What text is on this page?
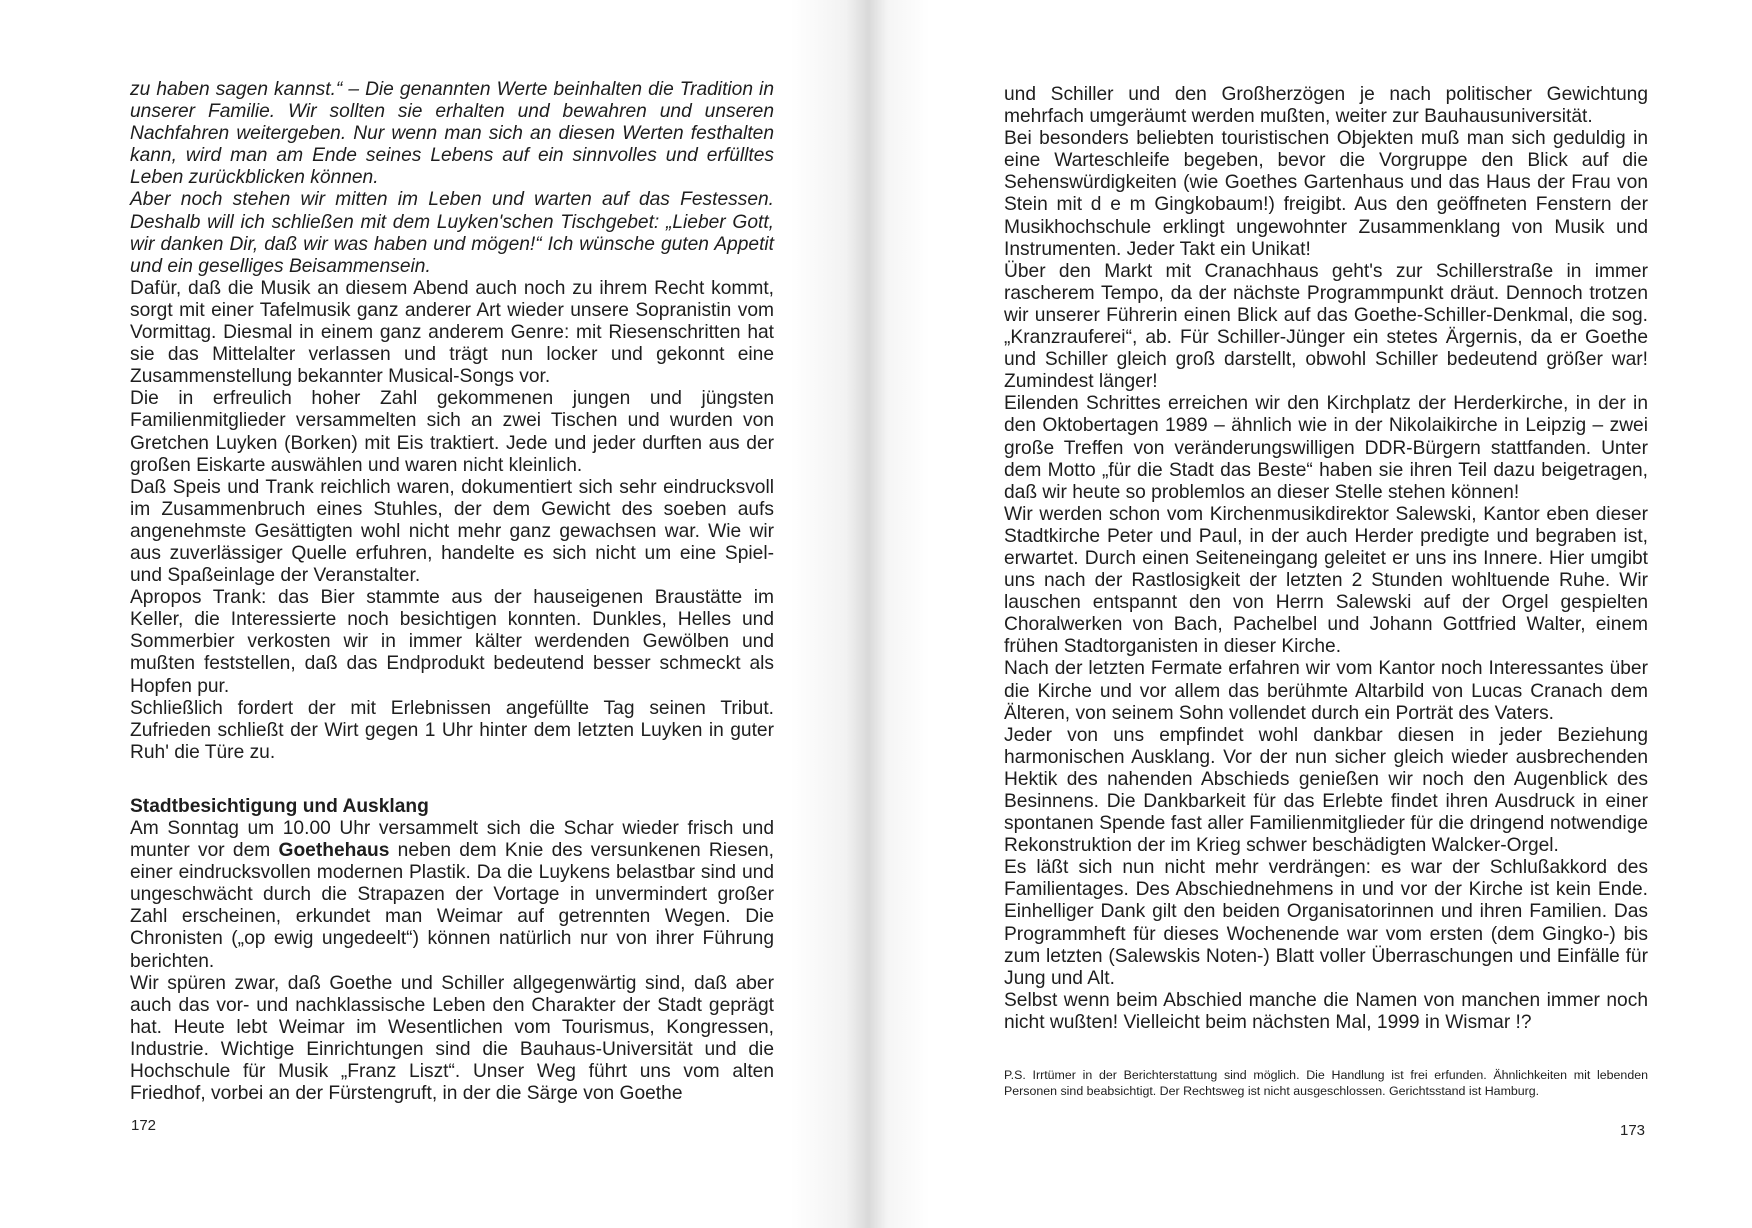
zu haben sagen kannst.“ – Die genannten Werte beinhalten die Tradition in unserer Familie. Wir sollten sie erhalten und bewahren und unseren Nachfahren weitergeben. Nur wenn man sich an diesen Werten festhalten kann, wird man am Ende seines Lebens auf ein sinnvolles und erfülltes Leben zurückblicken können.

Aber noch stehen wir mitten im Leben und warten auf das Festessen. Deshalb will ich schließen mit dem Luyken'schen Tischgebet: „Lieber Gott, wir danken Dir, daß wir was haben und mögen!“ Ich wünsche guten Appetit und ein geselliges Beisammensein.

Dafür, daß die Musik an diesem Abend auch noch zu ihrem Recht kommt, sorgt mit einer Tafelmusik ganz anderer Art wieder unsere Sopranistin vom Vormittag. Diesmal in einem ganz anderem Genre: mit Riesenschritten hat sie das Mittelalter verlassen und trägt nun locker und gekonnt eine Zusammenstellung bekannter Musical-Songs vor.

Die in erfreulich hoher Zahl gekommenen jungen und jüngsten Familienmitglieder versammelten sich an zwei Tischen und wurden von Gretchen Luyken (Borken) mit Eis traktiert. Jede und jeder durften aus der großen Eiskarte auswählen und waren nicht kleinlich.

Daß Speis und Trank reichlich waren, dokumentiert sich sehr eindrucksvoll im Zusammenbruch eines Stuhles, der dem Gewicht des soeben aufs angenehmste Gesättigten wohl nicht mehr ganz gewachsen war. Wie wir aus zuverlässiger Quelle erfuhren, handelte es sich nicht um eine Spiel- und Spaßeinlage der Veranstalter.

Apropos Trank: das Bier stammte aus der hauseigenen Braustätte im Keller, die Interessierte noch besichtigen konnten. Dunkles, Helles und Sommerbier verkosten wir in immer kälter werdenden Gewölben und mußten feststellen, daß das Endprodukt bedeutend besser schmeckt als Hopfen pur.

Schließlich fordert der mit Erlebnissen angefüllte Tag seinen Tribut. Zufrieden schließt der Wirt gegen 1 Uhr hinter dem letzten Luyken in guter Ruh' die Türe zu.

Stadtbesichtigung und Ausklang

Am Sonntag um 10.00 Uhr versammelt sich die Schar wieder frisch und munter vor dem Goethehaus neben dem Knie des versunkenen Riesen, einer eindrucksvollen modernen Plastik. Da die Luykens belastbar sind und ungeschwächt durch die Strapazen der Vortage in unvermindert großer Zahl erscheinen, erkundet man Weimar auf getrennten Wegen. Die Chronisten („op ewig ungedeelt“) können natürlich nur von ihrer Führung berichten.

Wir spüren zwar, daß Goethe und Schiller allgegenwärtig sind, daß aber auch das vor- und nachklassische Leben den Charakter der Stadt geprägt hat. Heute lebt Weimar im Wesentlichen vom Tourismus, Kongressen, Industrie. Wichtige Einrichtungen sind die Bauhaus-Universität und die Hochschule für Musik „Franz Liszt“. Unser Weg führt uns vom alten Friedhof, vorbei an der Fürstengruft, in der die Särge von Goethe

172

und Schiller und den Großherzögen je nach politischer Gewichtung mehrfach umgeräumt werden mußten, weiter zur Bauhausuniversität.

Bei besonders beliebten touristischen Objekten muß man sich geduldig in eine Warteschleife begeben, bevor die Vorgruppe den Blick auf die Sehenswürdigkeiten (wie Goethes Gartenhaus und das Haus der Frau von Stein mit d e m Gingkobaum!) freigibt. Aus den geöffneten Fenstern der Musikhochschule erklingt ungewohnter Zusammenklang von Musik und Instrumenten. Jeder Takt ein Unikat!

Über den Markt mit Cranachhaus geht's zur Schillerstraße in immer rascherem Tempo, da der nächste Programmpunkt dräut. Dennoch trotzen wir unserer Führerin einen Blick auf das Goethe-Schiller-Denkmal, die sog. „Kranzrauferei“, ab. Für Schiller-Jünger ein stetes Ärgernis, da er Goethe und Schiller gleich groß darstellt, obwohl Schiller bedeutend größer war! Zumindest länger!

Eilenden Schrittes erreichen wir den Kirchplatz der Herderkirche, in der in den Oktobertagen 1989 – ähnlich wie in der Nikolaikirche in Leipzig – zwei große Treffen von veränderungswilligen DDR-Bürgern stattfanden. Unter dem Motto „für die Stadt das Beste“ haben sie ihren Teil dazu beigetragen, daß wir heute so problemlos an dieser Stelle stehen können!

Wir werden schon vom Kirchenmusikdirektor Salewski, Kantor eben dieser Stadtkirche Peter und Paul, in der auch Herder predigte und begraben ist, erwartet. Durch einen Seiteneingang geleitet er uns ins Innere. Hier umgibt uns nach der Rastlosigkeit der letzten 2 Stunden wohltuende Ruhe. Wir lauschen entspannt den von Herrn Salewski auf der Orgel gespielten Choralwerken von Bach, Pachelbel und Johann Gottfried Walter, einem frühen Stadtorganisten in dieser Kirche.

Nach der letzten Fermate erfahren wir vom Kantor noch Interessantes über die Kirche und vor allem das berühmte Altarbild von Lucas Cranach dem Älteren, von seinem Sohn vollendet durch ein Porträt des Vaters.

Jeder von uns empfindet wohl dankbar diesen in jeder Beziehung harmonischen Ausklang. Vor der nun sicher gleich wieder ausbrechenden Hektik des nahenden Abschieds genießen wir noch den Augenblick des Besinnens. Die Dankbarkeit für das Erlebte findet ihren Ausdruck in einer spontanen Spende fast aller Familienmitglieder für die dringend notwendige Rekonstruktion der im Krieg schwer beschädigten Walcker-Orgel.

Es läßt sich nun nicht mehr verdrängen: es war der Schlußakkord des Familientages. Des Abschiednehmens in und vor der Kirche ist kein Ende. Einhelliger Dank gilt den beiden Organisatorinnen und ihren Familien. Das Programmheft für dieses Wochenende war vom ersten (dem Gingko-) bis zum letzten (Salewskis Noten-) Blatt voller Überraschungen und Einfälle für Jung und Alt.

Selbst wenn beim Abschied manche die Namen von manchen immer noch nicht wußten! Vielleicht beim nächsten Mal, 1999 in Wismar !?

P.S. Irrtümer in der Berichterstattung sind möglich. Die Handlung ist frei erfunden. Ähnlichkeiten mit lebenden Personen sind beabsichtigt. Der Rechtsweg ist nicht ausgeschlossen. Gerichtsstand ist Hamburg.
173
